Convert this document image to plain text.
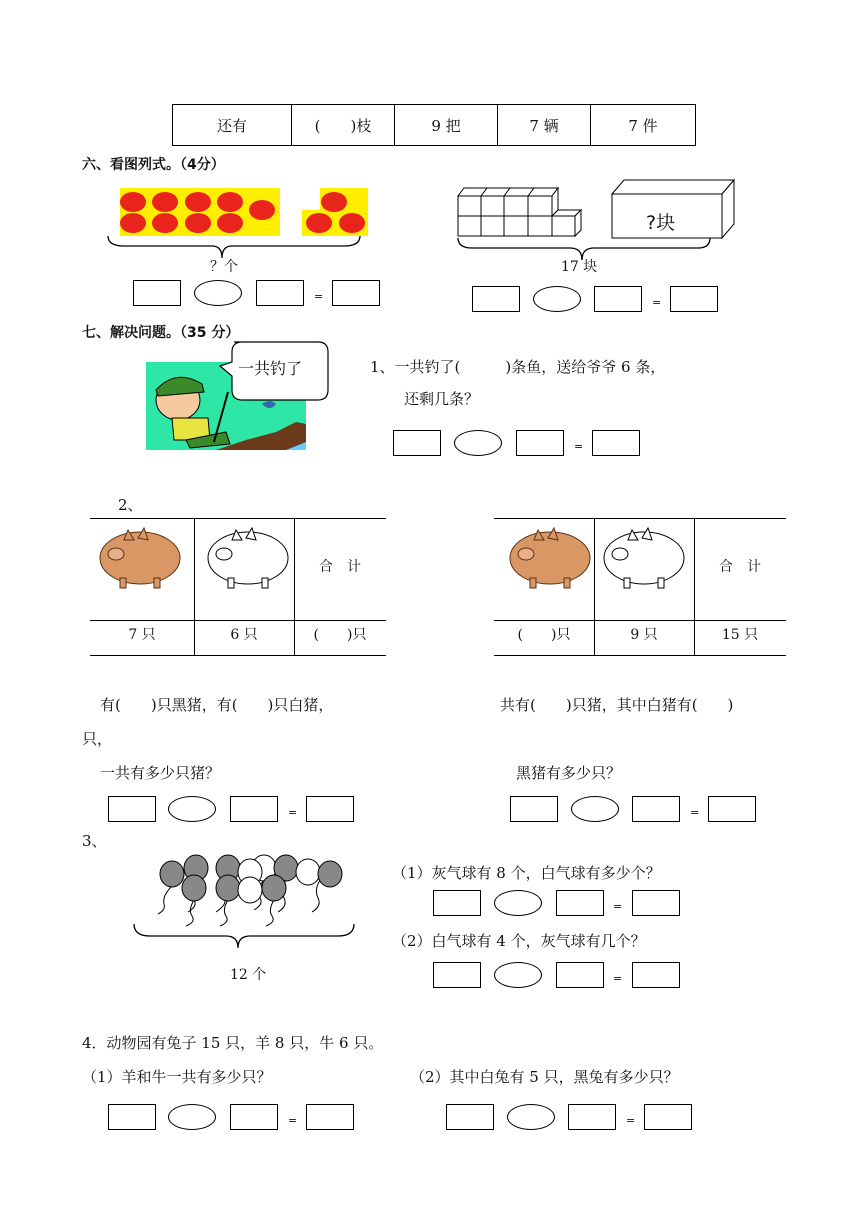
还有	(　　)枝	9 把	7 辆	7 件
六、看图列式。（4分）
？个
?块
17 块
=	=
七、解决问题。（35 分）
一共钓了	1、一共钓了(　　　)条鱼，送给爷爷 6 条，
还剩几条？
=
2、
合　计
7 只	6 只	(　　)只
合　计
(　　)只	9 只	15 只
有(　　)只黑猪，有(　　)只白猪，
只，
共有(　　)只猪，其中白猪有(　　)
一共有多少只猪？	黑猪有多少只？
=	=
3、
12 个
（1）灰气球有 8 个，白气球有多少个？
=
（2）白气球有 4 个，灰气球有几个？
=
4．动物园有兔子 15 只，羊 8 只，牛 6 只。
（1）羊和牛一共有多少只？	（2）其中白兔有 5 只，黑兔有多少只？
=	=
